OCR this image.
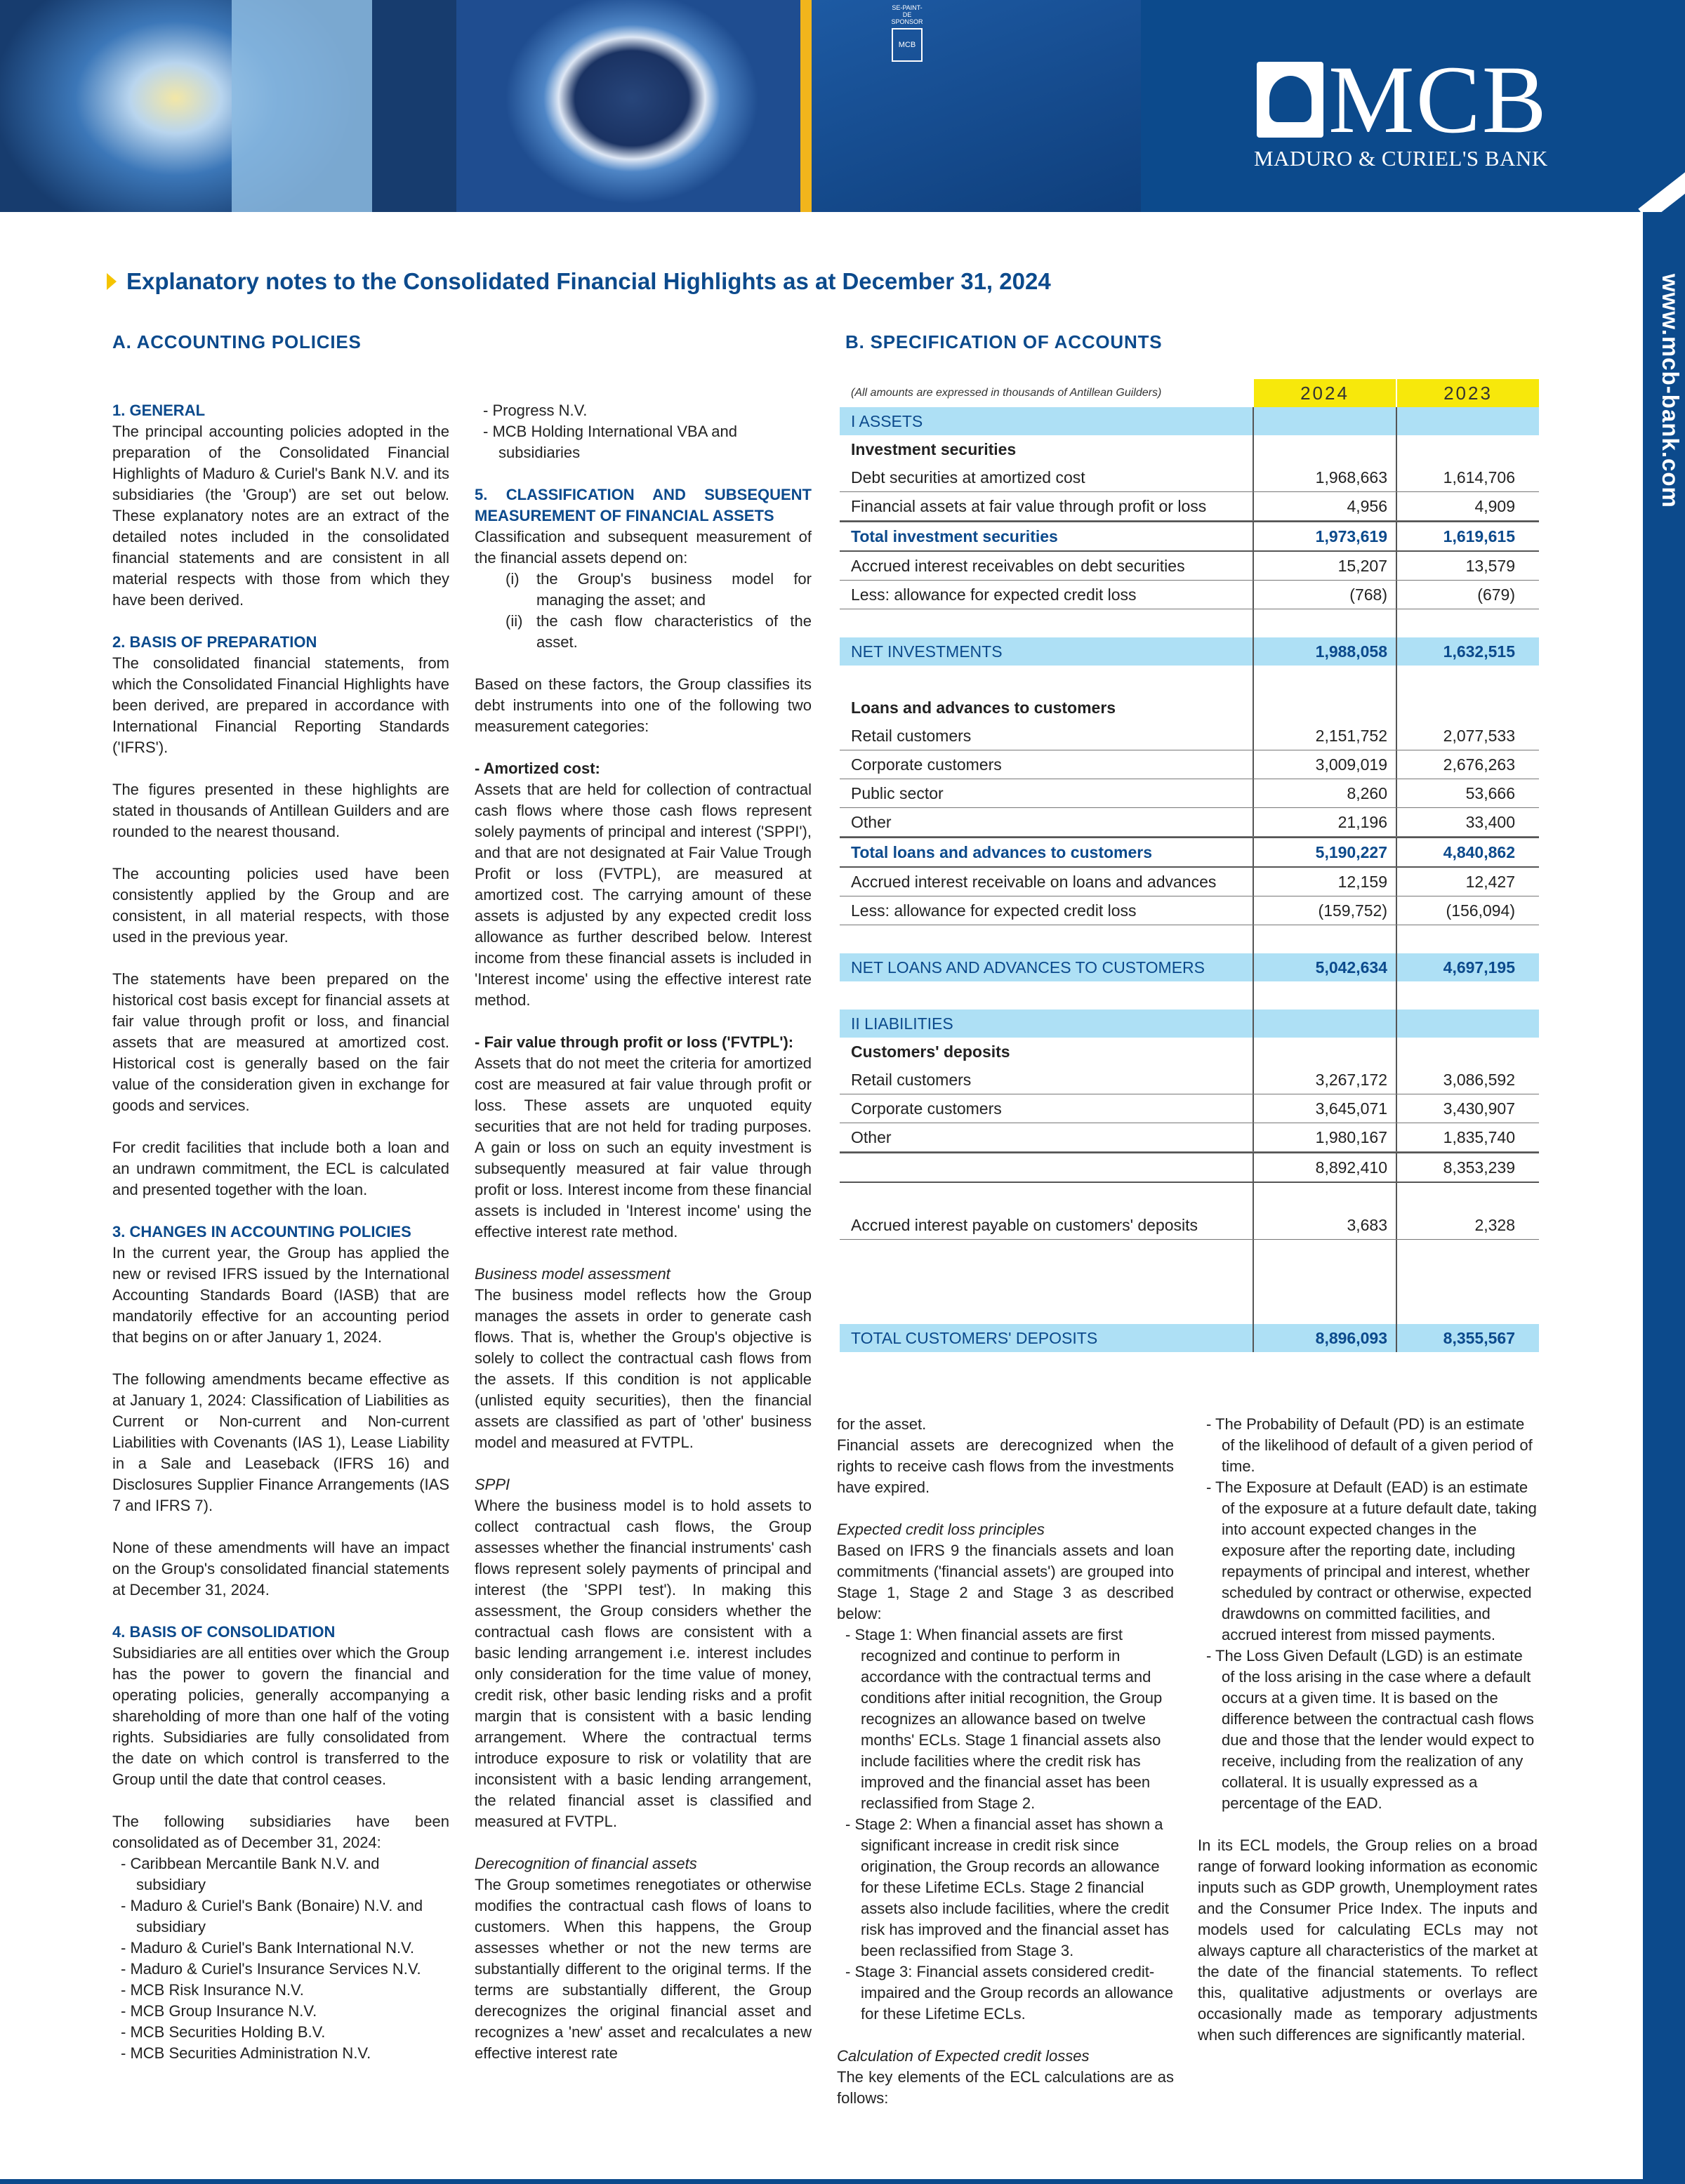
SE-PAINT-DE SPONSOR
MCB
MCB
MADURO & CURIEL'S BANK
www.mcb-bank.com
Explanatory notes to the Consolidated Financial Highlights as at December 31, 2024
A. ACCOUNTING POLICIES	B. SPECIFICATION OF ACCOUNTS
1. GENERAL

The principal accounting policies adopted in the preparation of the Consolidated Financial Highlights of Maduro & Curiel's Bank N.V. and its subsidiaries (the 'Group') are set out below. These explanatory notes are an extract of the detailed notes included in the consolidated financial statements and are consistent in all material respects with those from which they have been derived.

2. BASIS OF PREPARATION

The consolidated financial statements, from which the Consolidated Financial Highlights have been derived, are prepared in accordance with International Financial Reporting Standards ('IFRS').

The figures presented in these highlights are stated in thousands of Antillean Guilders and are rounded to the nearest thousand.

The accounting policies used have been consistently applied by the Group and are consistent, in all material respects, with those used in the previous year.

The statements have been prepared on the historical cost basis except for financial assets at fair value through profit or loss, and financial assets that are measured at amortized cost. Historical cost is generally based on the fair value of the consideration given in exchange for goods and services.

For credit facilities that include both a loan and an undrawn commitment, the ECL is calculated and presented together with the loan.

3. CHANGES IN ACCOUNTING POLICIES

In the current year, the Group has applied the new or revised IFRS issued by the International Accounting Standards Board (IASB) that are mandatorily effective for an accounting period that begins on or after January 1, 2024.

The following amendments became effective as at January 1, 2024: Classification of Liabilities as Current or Non-current and Non-current Liabilities with Covenants (IAS 1), Lease Liability in a Sale and Leaseback (IFRS 16) and Disclosures Supplier Finance Arrangements (IAS 7 and IFRS 7).

None of these amendments will have an impact on the Group's consolidated financial statements at December 31, 2024.

4. BASIS OF CONSOLIDATION

Subsidiaries are all entities over which the Group has the power to govern the financial and operating policies, generally accompanying a shareholding of more than one half of the voting rights. Subsidiaries are fully consolidated from the date on which control is transferred to the Group until the date that control ceases.

The following subsidiaries have been consolidated as of December 31, 2024:

- Caribbean Mercantile Bank N.V. and subsidiary
- Maduro & Curiel's Bank (Bonaire) N.V. and subsidiary
- Maduro & Curiel's Bank International N.V.
- Maduro & Curiel's Insurance Services N.V.
- MCB Risk Insurance N.V.
- MCB Group Insurance N.V.
- MCB Securities Holding B.V.
- MCB Securities Administration N.V.
- Progress N.V.
- MCB Holding International VBA and subsidiaries
5. CLASSIFICATION AND SUBSEQUENT MEASUREMENT OF FINANCIAL ASSETS

Classification and subsequent measurement of the financial assets depend on:

(i) the Group's business model for managing the asset; and
(ii) the cash flow characteristics of the asset.

Based on these factors, the Group classifies its debt instruments into one of the following two measurement categories:

- Amortized cost:

Assets that are held for collection of contractual cash flows where those cash flows represent solely payments of principal and interest ('SPPI'), and that are not designated at Fair Value Trough Profit or loss (FVTPL), are measured at amortized cost. The carrying amount of these assets is adjusted by any expected credit loss allowance as further described below. Interest income from these financial assets is included in 'Interest income' using the effective interest rate method.

- Fair value through profit or loss ('FVTPL'):

Assets that do not meet the criteria for amortized cost are measured at fair value through profit or loss. These assets are unquoted equity securities that are not held for trading purposes. A gain or loss on such an equity investment is subsequently measured at fair value through profit or loss. Interest income from these financial assets is included in 'Interest income' using the effective interest rate method.

Business model assessment

The business model reflects how the Group manages the assets in order to generate cash flows. That is, whether the Group's objective is solely to collect the contractual cash flows from the assets. If this condition is not applicable (unlisted equity securities), then the financial assets are classified as part of 'other' business model and measured at FVTPL.

SPPI

Where the business model is to hold assets to collect contractual cash flows, the Group assesses whether the financial instruments' cash flows represent solely payments of principal and interest (the 'SPPI test'). In making this assessment, the Group considers whether the contractual cash flows are consistent with a basic lending arrangement i.e. interest includes only consideration for the time value of money, credit risk, other basic lending risks and a profit margin that is consistent with a basic lending arrangement. Where the contractual terms introduce exposure to risk or volatility that are inconsistent with a basic lending arrangement, the related financial asset is classified and measured at FVTPL.

Derecognition of financial assets

The Group sometimes renegotiates or otherwise modifies the contractual cash flows of loans to customers. When this happens, the Group assesses whether or not the new terms are substantially different to the original terms. If the terms are substantially different, the Group derecognizes the original financial asset and recognizes a 'new' asset and recalculates a new effective interest rate

(All amounts are expressed in thousands of Antillean Guilders)	2024	2023
I ASSETS
Investment securities
Debt securities at amortized cost	1,968,663	1,614,706
Financial assets at fair value through profit or loss	4,956	4,909
Total investment securities	1,973,619	1,619,615
Accrued interest receivables on debt securities	15,207	13,579
Less: allowance for expected credit loss	(768)	(679)
NET INVESTMENTS	1,988,058	1,632,515
Loans and advances to customers
Retail customers	2,151,752	2,077,533
Corporate customers	3,009,019	2,676,263
Public sector	8,260	53,666
Other	21,196	33,400
Total loans and advances to customers	5,190,227	4,840,862
Accrued interest receivable on loans and advances	12,159	12,427
Less: allowance for expected credit loss	(159,752)	(156,094)
NET LOANS AND ADVANCES TO CUSTOMERS	5,042,634	4,697,195
II LIABILITIES
Customers' deposits
Retail customers	3,267,172	3,086,592
Corporate customers	3,645,071	3,430,907
Other	1,980,167	1,835,740
8,892,410	8,353,239
Accrued interest payable on customers' deposits	3,683	2,328
TOTAL CUSTOMERS' DEPOSITS	8,896,093	8,355,567
for the asset.

Financial assets are derecognized when the rights to receive cash flows from the investments have expired.

Expected credit loss principles

Based on IFRS 9 the financials assets and loan commitments ('financial assets') are grouped into Stage 1, Stage 2 and Stage 3 as described below:

- Stage 1: When financial assets are first recognized and continue to perform in accordance with the contractual terms and conditions after initial recognition, the Group recognizes an allowance based on twelve months' ECLs. Stage 1 financial assets also include facilities where the credit risk has improved and the financial asset has been reclassified from Stage 2.
- Stage 2: When a financial asset has shown a significant increase in credit risk since origination, the Group records an allowance for these Lifetime ECLs. Stage 2 financial assets also include facilities, where the credit risk has improved and the financial asset has been reclassified from Stage 3.
- Stage 3: Financial assets considered credit-impaired and the Group records an allowance for these Lifetime ECLs.
Calculation of Expected credit losses

The key elements of the ECL calculations are as follows:

- The Probability of Default (PD) is an estimate of the likelihood of default of a given period of time.
- The Exposure at Default (EAD) is an estimate of the exposure at a future default date, taking into account expected changes in the exposure after the reporting date, including repayments of principal and interest, whether scheduled by contract or otherwise, expected drawdowns on committed facilities, and accrued interest from missed payments.
- The Loss Given Default (LGD) is an estimate of the loss arising in the case where a default occurs at a given time. It is based on the difference between the contractual cash flows due and those that the lender would expect to receive, including from the realization of any collateral. It is usually expressed as a percentage of the EAD.

In its ECL models, the Group relies on a broad range of forward looking information as economic inputs such as GDP growth, Unemployment rates and the Consumer Price Index. The inputs and models used for calculating ECLs may not always capture all characteristics of the market at the date of the financial statements. To reflect this, qualitative adjustments or overlays are occasionally made as temporary adjustments when such differences are significantly material.
